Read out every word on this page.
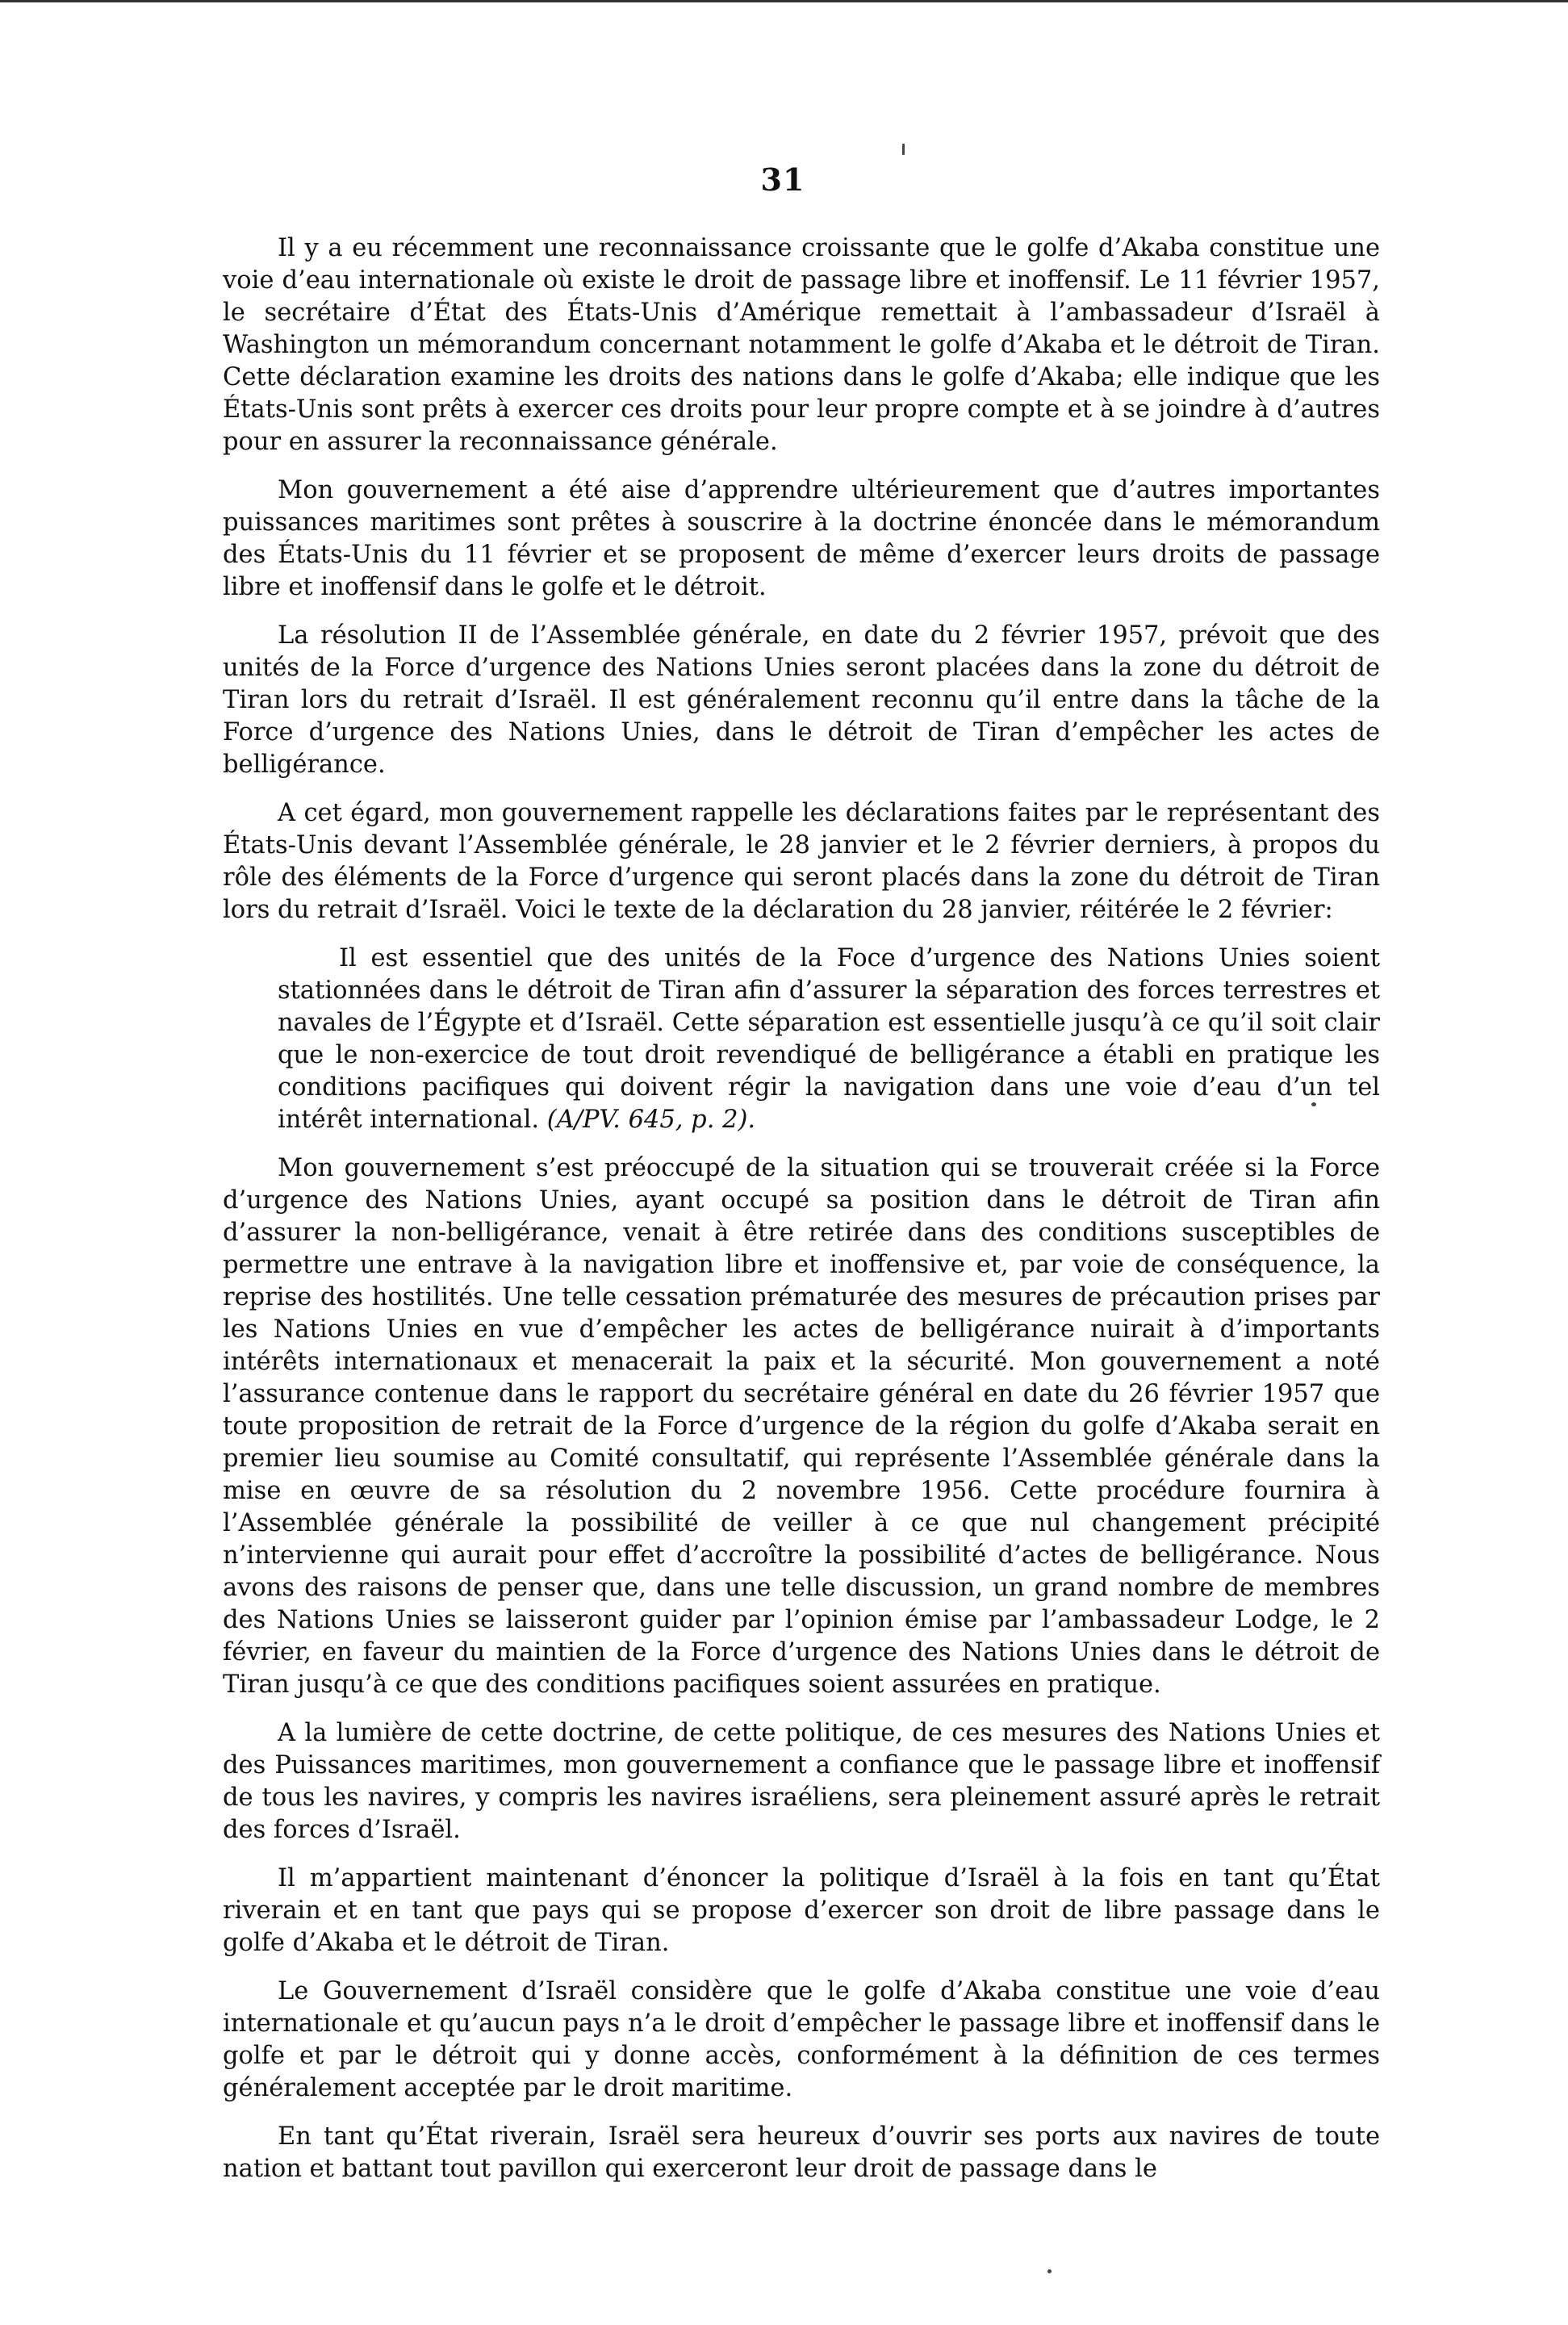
31

Il y a eu récemment une reconnaissance croissante que le golfe d’Akaba constitue une voie d’eau internationale où existe le droit de passage libre et inoffensif. Le 11 février 1957, le secrétaire d’État des États-Unis d’Amérique remettait à l’ambassadeur d’Israël à Washington un mémorandum concernant notamment le golfe d’Akaba et le détroit de Tiran. Cette déclaration examine les droits des nations dans le golfe d’Akaba; elle indique que les États-Unis sont prêts à exercer ces droits pour leur propre compte et à se joindre à d’autres pour en assurer la reconnaissance générale.

Mon gouvernement a été aise d’apprendre ultérieurement que d’autres importantes puissances maritimes sont prêtes à souscrire à la doctrine énoncée dans le mémorandum des États-Unis du 11 février et se proposent de même d’exercer leurs droits de passage libre et inoffensif dans le golfe et le détroit.

La résolution II de l’Assemblée générale, en date du 2 février 1957, prévoit que des unités de la Force d’urgence des Nations Unies seront placées dans la zone du détroit de Tiran lors du retrait d’Israël. Il est généralement reconnu qu’il entre dans la tâche de la Force d’urgence des Nations Unies, dans le détroit de Tiran d’empêcher les actes de belligérance.

A cet égard, mon gouvernement rappelle les déclarations faites par le représentant des États-Unis devant l’Assemblée générale, le 28 janvier et le 2 février derniers, à propos du rôle des éléments de la Force d’urgence qui seront placés dans la zone du détroit de Tiran lors du retrait d’Israël. Voici le texte de la déclaration du 28 janvier, réitérée le 2 février:

Il est essentiel que des unités de la Foce d’urgence des Nations Unies soient stationnées dans le détroit de Tiran afin d’assurer la séparation des forces terrestres et navales de l’Égypte et d’Israël. Cette séparation est essentielle jusqu’à ce qu’il soit clair que le non-exercice de tout droit revendiqué de belligérance a établi en pratique les conditions pacifiques qui doivent régir la navigation dans une voie d’eau d’un tel intérêt international. (A/PV. 645, p. 2).

Mon gouvernement s’est préoccupé de la situation qui se trouverait créée si la Force d’urgence des Nations Unies, ayant occupé sa position dans le détroit de Tiran afin d’assurer la non-belligérance, venait à être retirée dans des conditions susceptibles de permettre une entrave à la navigation libre et inoffensive et, par voie de conséquence, la reprise des hostilités. Une telle cessation prématurée des mesures de précaution prises par les Nations Unies en vue d’empêcher les actes de belligérance nuirait à d’importants intérêts internationaux et menacerait la paix et la sécurité. Mon gouvernement a noté l’assurance contenue dans le rapport du secrétaire général en date du 26 février 1957 que toute proposition de retrait de la Force d’urgence de la région du golfe d’Akaba serait en premier lieu soumise au Comité consultatif, qui représente l’Assemblée générale dans la mise en œuvre de sa résolution du 2 novembre 1956. Cette procédure fournira à l’Assemblée générale la possibilité de veiller à ce que nul changement précipité n’intervienne qui aurait pour effet d’accroître la possibilité d’actes de belligérance. Nous avons des raisons de penser que, dans une telle discussion, un grand nombre de membres des Nations Unies se laisseront guider par l’opinion émise par l’ambassadeur Lodge, le 2 février, en faveur du maintien de la Force d’urgence des Nations Unies dans le détroit de Tiran jusqu’à ce que des conditions pacifiques soient assurées en pratique.

A la lumière de cette doctrine, de cette politique, de ces mesures des Nations Unies et des Puissances maritimes, mon gouvernement a confiance que le passage libre et inoffensif de tous les navires, y compris les navires israéliens, sera pleinement assuré après le retrait des forces d’Israël.

Il m’appartient maintenant d’énoncer la politique d’Israël à la fois en tant qu’État riverain et en tant que pays qui se propose d’exercer son droit de libre passage dans le golfe d’Akaba et le détroit de Tiran.

Le Gouvernement d’Israël considère que le golfe d’Akaba constitue une voie d’eau internationale et qu’aucun pays n’a le droit d’empêcher le passage libre et inoffensif dans le golfe et par le détroit qui y donne accès, conformément à la définition de ces termes généralement acceptée par le droit maritime.

En tant qu’État riverain, Israël sera heureux d’ouvrir ses ports aux navires de toute nation et battant tout pavillon qui exerceront leur droit de passage dans le
